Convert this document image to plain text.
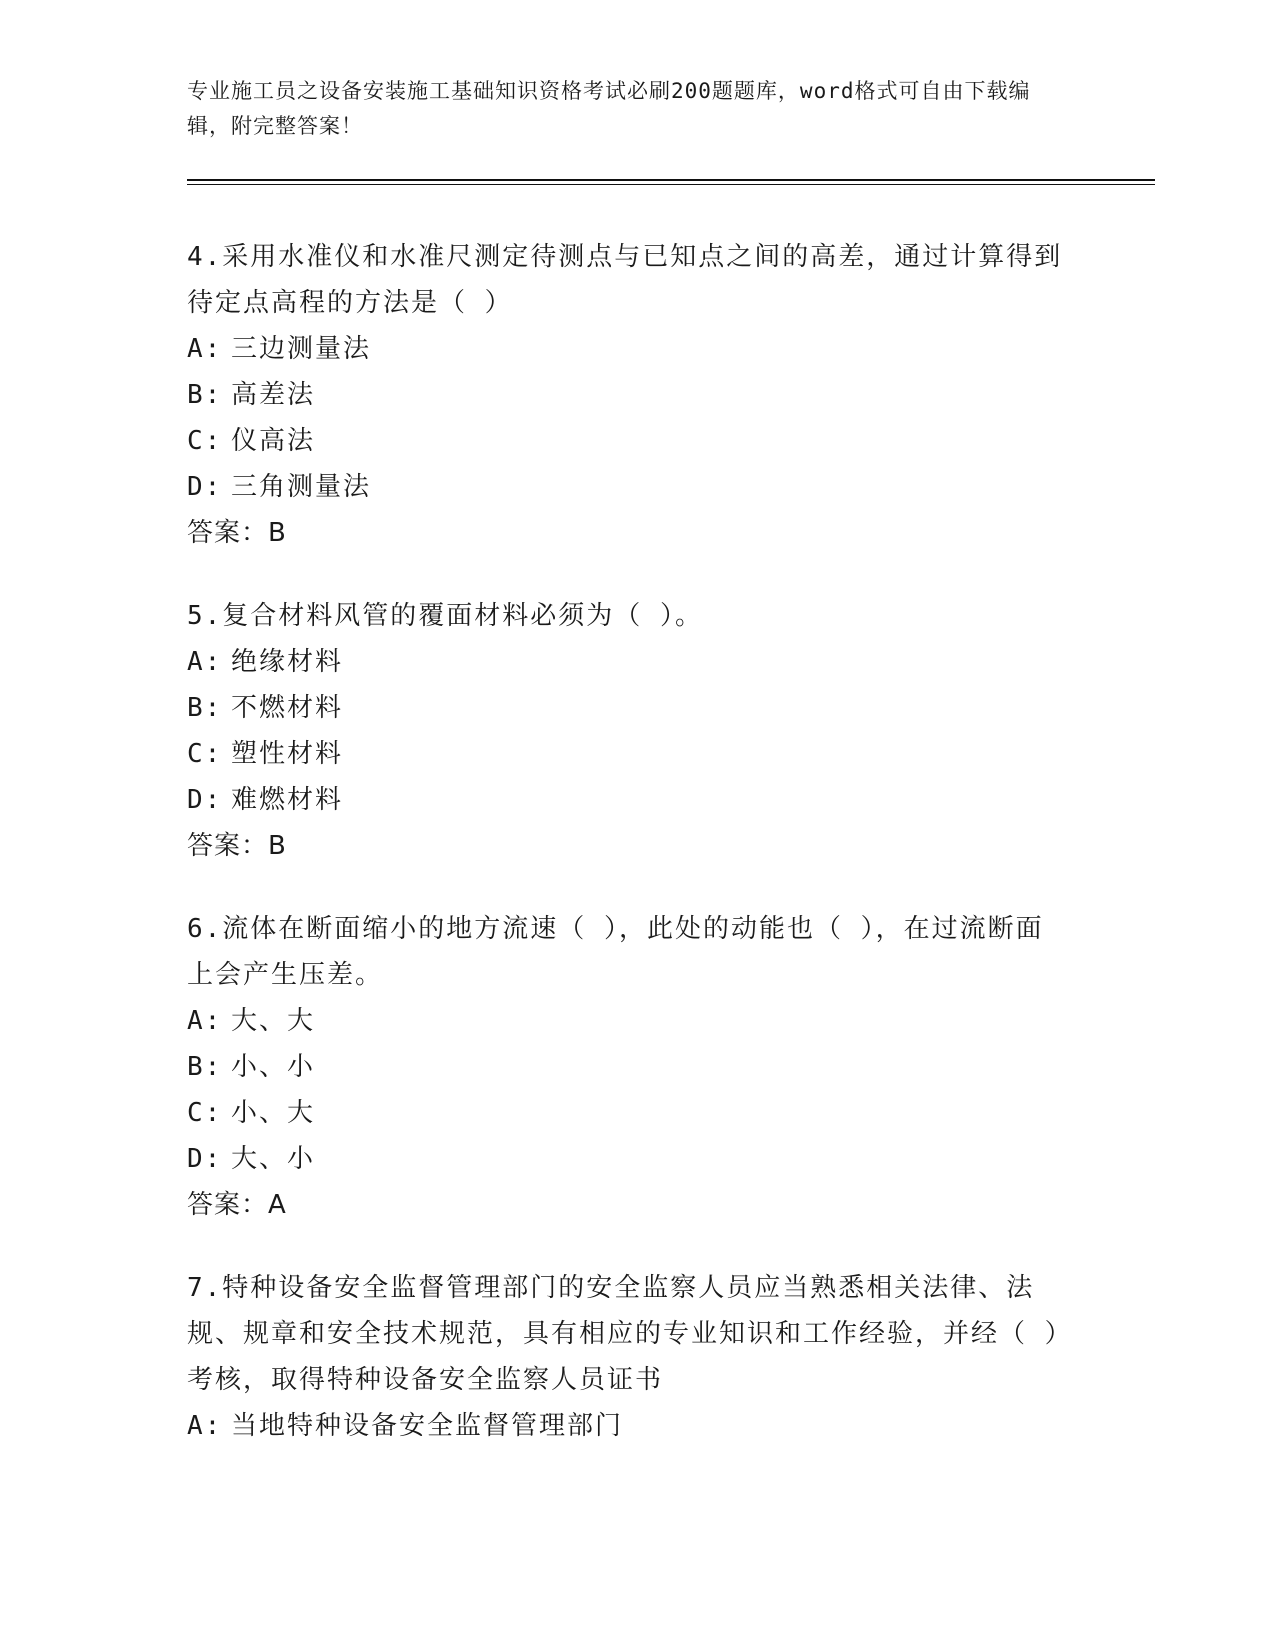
专业施工员之设备安装施工基础知识资格考试必刷200题题库，word格式可自由下载编辑，附完整答案！

4.采用水准仪和水准尺测定待测点与已知点之间的高差，通过计算得到待定点高程的方法是（ ）

A: 三边测量法

B: 高差法

C: 仪高法

D: 三角测量法

答案：B

5.复合材料风管的覆面材料必须为（ ）。

A: 绝缘材料

B: 不燃材料

C: 塑性材料

D: 难燃材料

答案：B

6.流体在断面缩小的地方流速（ ），此处的动能也（ ），在过流断面上会产生压差。

A: 大、大

B: 小、小

C: 小、大

D: 大、小

答案：A

7.特种设备安全监督管理部门的安全监察人员应当熟悉相关法律、法规、规章和安全技术规范，具有相应的专业知识和工作经验，并经（ ）考核，取得特种设备安全监察人员证书

A: 当地特种设备安全监督管理部门
